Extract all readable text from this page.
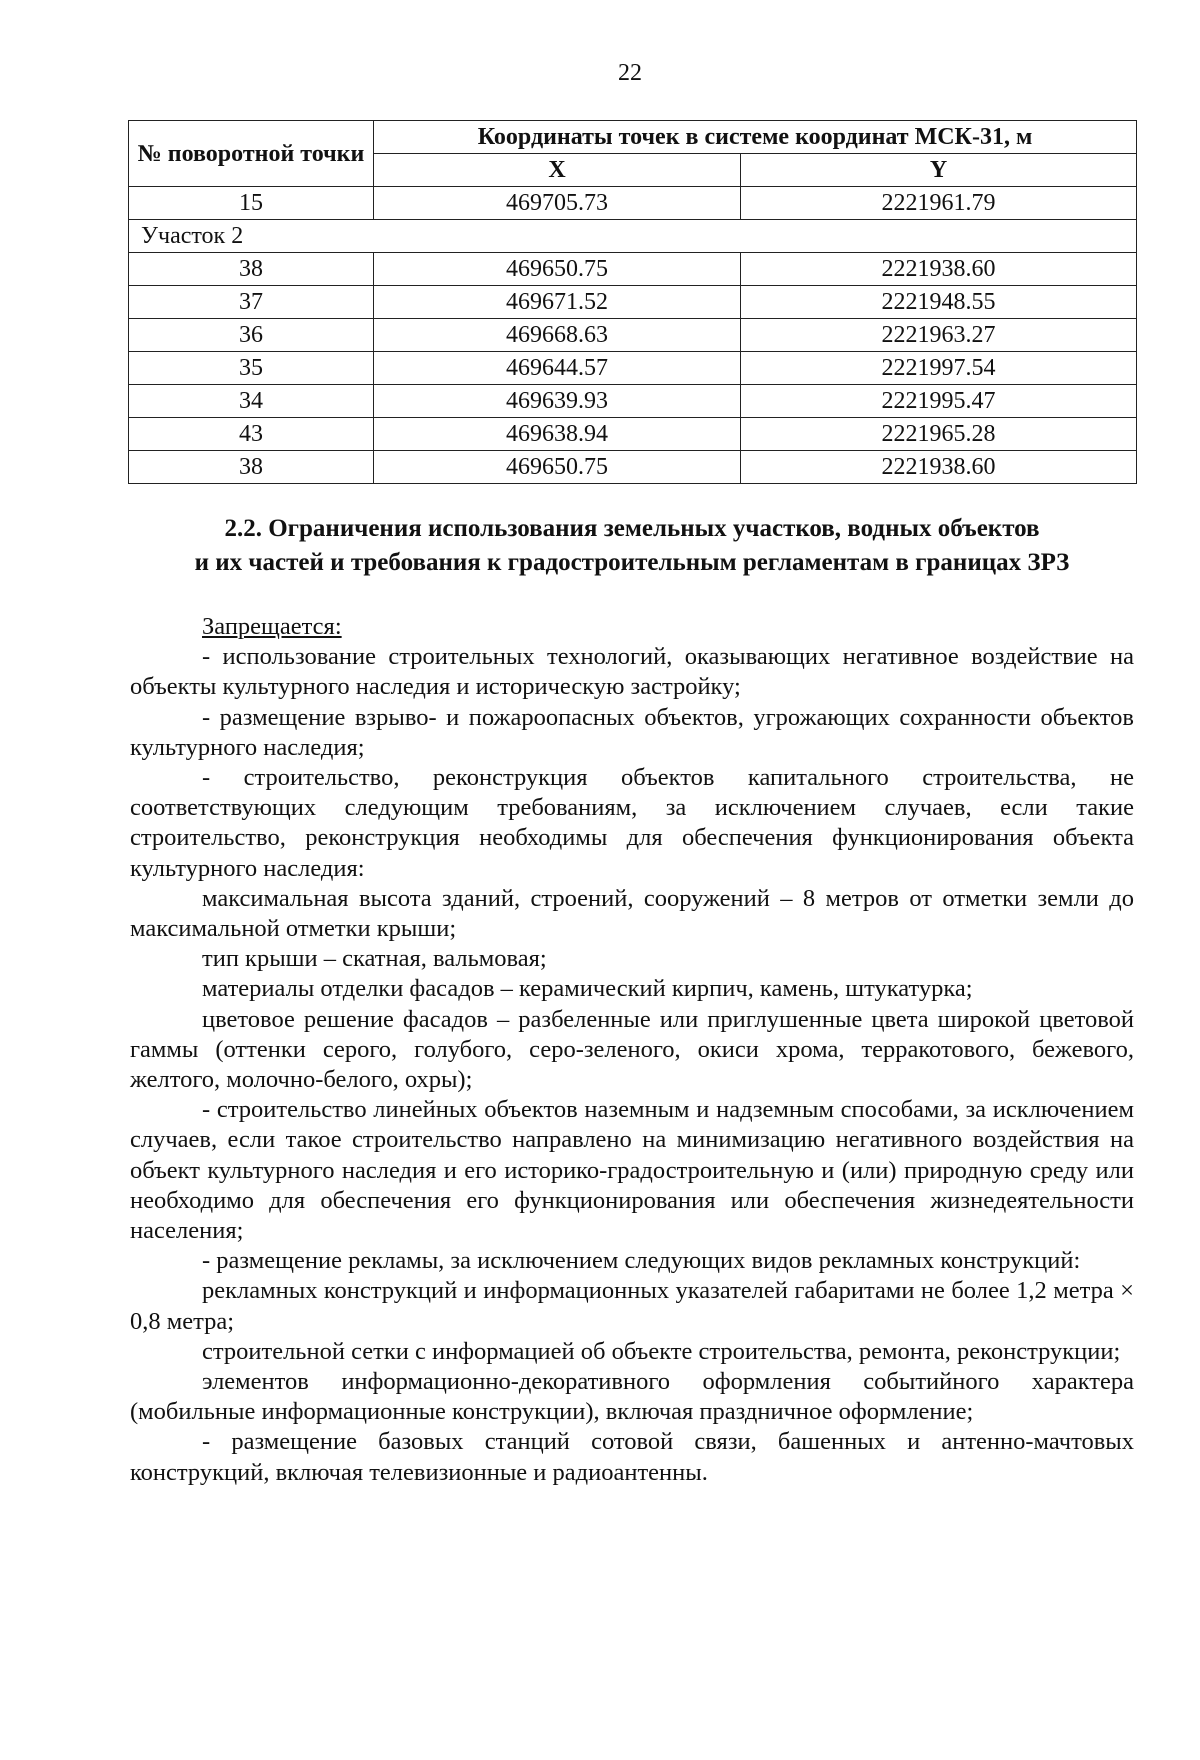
22
№ поворотной точки	Координаты точек в системе координат МСК-31, м	
	X	Y
15	469705.73	2221961.79
Участок 2		
38	469650.75	2221938.60
37	469671.52	2221948.55
36	469668.63	2221963.27
35	469644.57	2221997.54
34	469639.93	2221995.47
43	469638.94	2221965.28
38	469650.75	2221938.60
2.2. Ограничения использования земельных участков, водных объектов
и их частей и требования к градостроительным регламентам в границах ЗРЗ

Запрещается:

- использование строительных технологий, оказывающих негативное воздействие на объекты культурного наследия и историческую застройку;

- размещение взрыво- и пожароопасных объектов, угрожающих сохранности объектов культурного наследия;

- строительство, реконструкция объектов капитального строительства, не соответствующих следующим требованиям, за исключением случаев, если такие строительство, реконструкция необходимы для обеспечения функционирования объекта культурного наследия:

максимальная высота зданий, строений, сооружений – 8 метров от отметки земли до максимальной отметки крыши;

тип крыши – скатная, вальмовая;

материалы отделки фасадов – керамический кирпич, камень, штукатурка;

цветовое решение фасадов – разбеленные или приглушенные цвета широкой цветовой гаммы (оттенки серого, голубого, серо-зеленого, окиси хрома, терракотового, бежевого, желтого, молочно-белого, охры);

- строительство линейных объектов наземным и надземным способами, за исключением случаев, если такое строительство направлено на минимизацию негативного воздействия на объект культурного наследия и его историко-градостроительную и (или) природную среду или необходимо для обеспечения его функционирования или обеспечения жизнедеятельности населения;

- размещение рекламы, за исключением следующих видов рекламных конструкций:

рекламных конструкций и информационных указателей габаритами не более 1,2 метра × 0,8 метра;

строительной сетки с информацией об объекте строительства, ремонта, реконструкции;

элементов информационно-декоративного оформления событийного характера (мобильные информационные конструкции), включая праздничное оформление;

- размещение базовых станций сотовой связи, башенных и антенно-мачтовых конструкций, включая телевизионные и радиоантенны.
